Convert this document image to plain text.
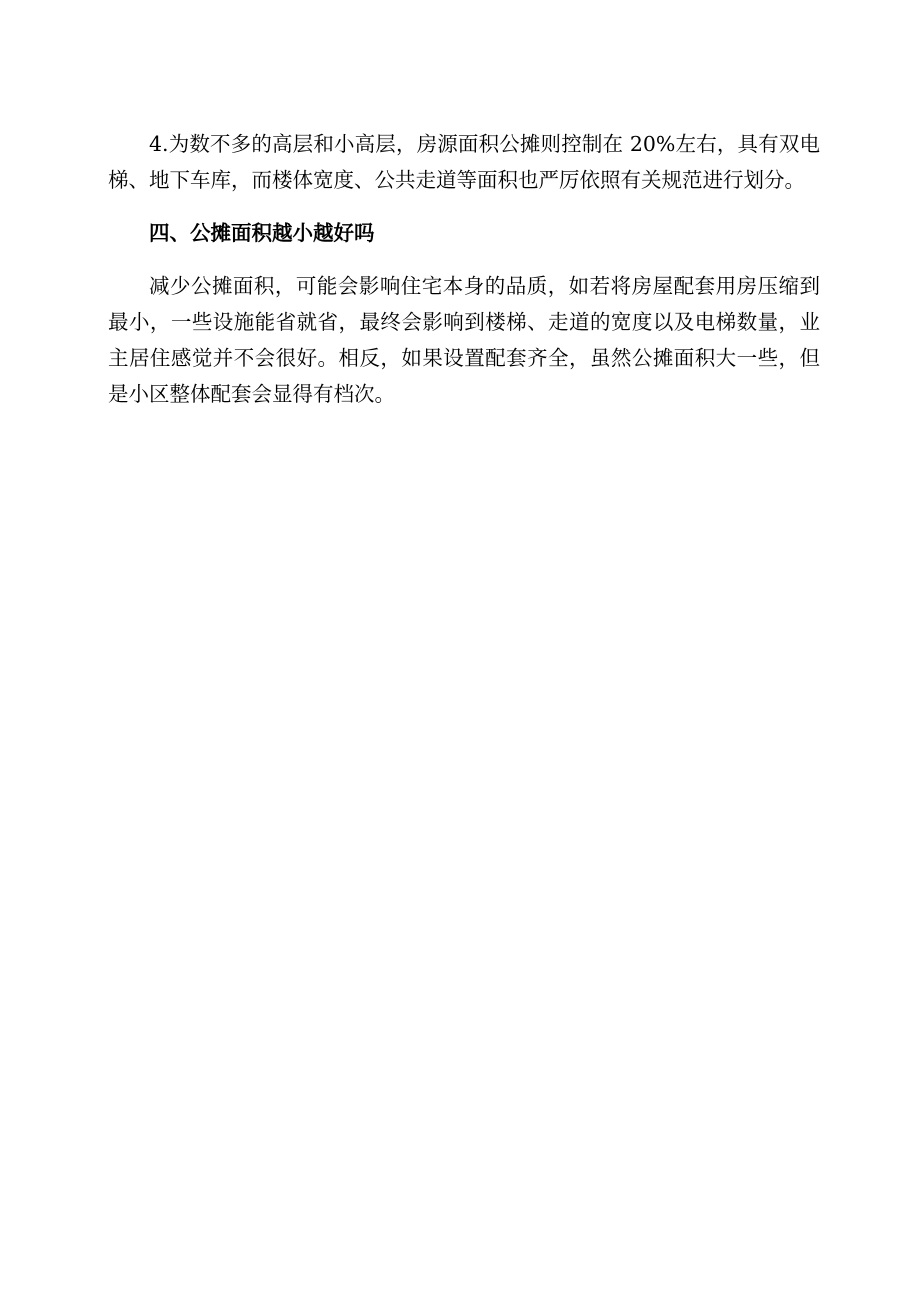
4.为数不多的高层和小高层，房源面积公摊则控制在 20%左右，具有双电梯、地下车库，而楼体宽度、公共走道等面积也严厉依照有关规范进行划分。

四、公摊面积越小越好吗

减少公摊面积，可能会影响住宅本身的品质，如若将房屋配套用房压缩到最小，一些设施能省就省，最终会影响到楼梯、走道的宽度以及电梯数量，业主居住感觉并不会很好。相反，如果设置配套齐全，虽然公摊面积大一些，但是小区整体配套会显得有档次。
